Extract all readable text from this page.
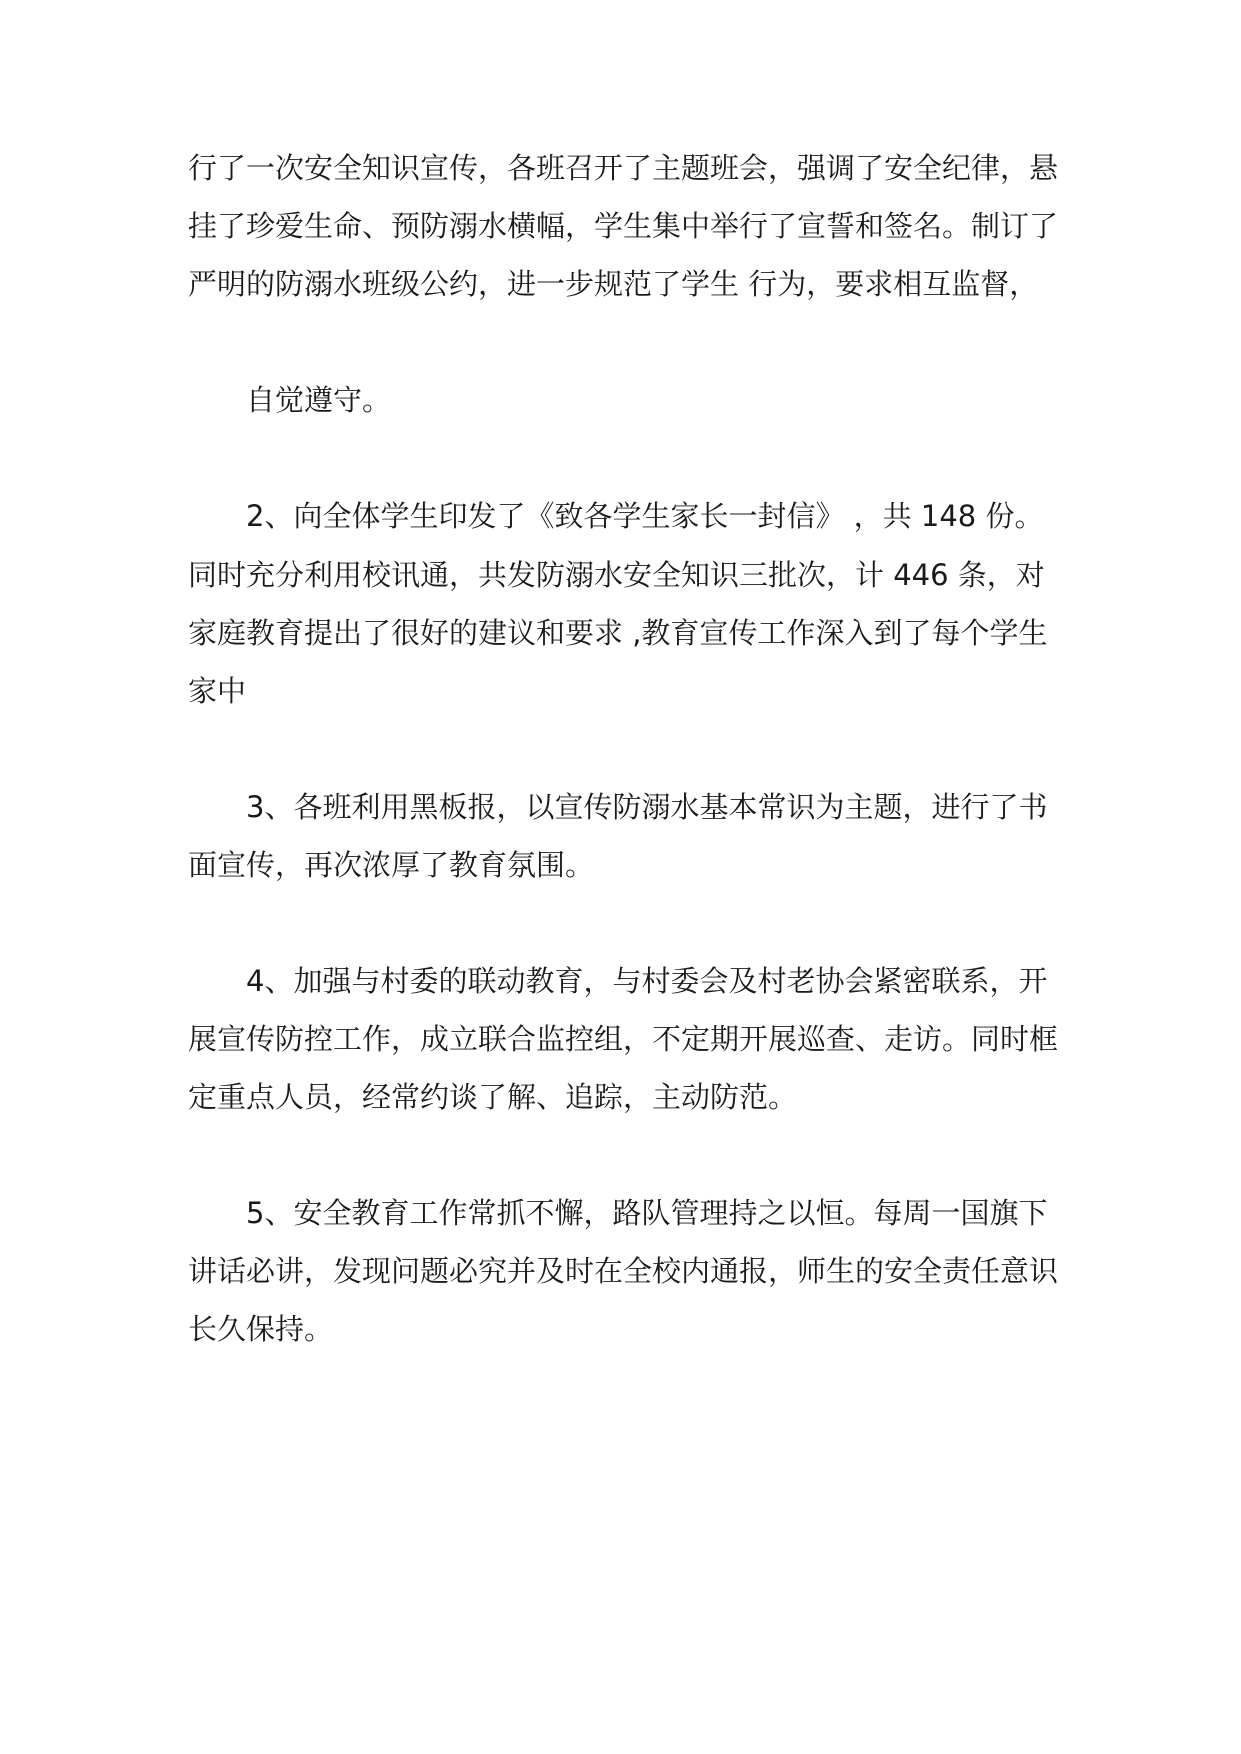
行了一次安全知识宣传，各班召开了主题班会，强调了安全纪律，悬
挂了珍爱生命、预防溺水横幅，学生集中举行了宣誓和签名。制订了
严明的防溺水班级公约，进一步规范了学生 行为，要求相互监督，
自觉遵守。
2、向全体学生印发了《致各学生家长一封信》 ，共 148 份。
同时充分利用校讯通，共发防溺水安全知识三批次，计 446 条，对
家庭教育提出了很好的建议和要求 ,教育宣传工作深入到了每个学生
家中
3、各班利用黑板报，以宣传防溺水基本常识为主题，进行了书
面宣传，再次浓厚了教育氛围。
4、加强与村委的联动教育，与村委会及村老协会紧密联系，开
展宣传防控工作，成立联合监控组，不定期开展巡查、走访。同时框
定重点人员，经常约谈了解、追踪，主动防范。
5、安全教育工作常抓不懈，路队管理持之以恒。每周一国旗下
讲话必讲，发现问题必究并及时在全校内通报，师生的安全责任意识
长久保持。
